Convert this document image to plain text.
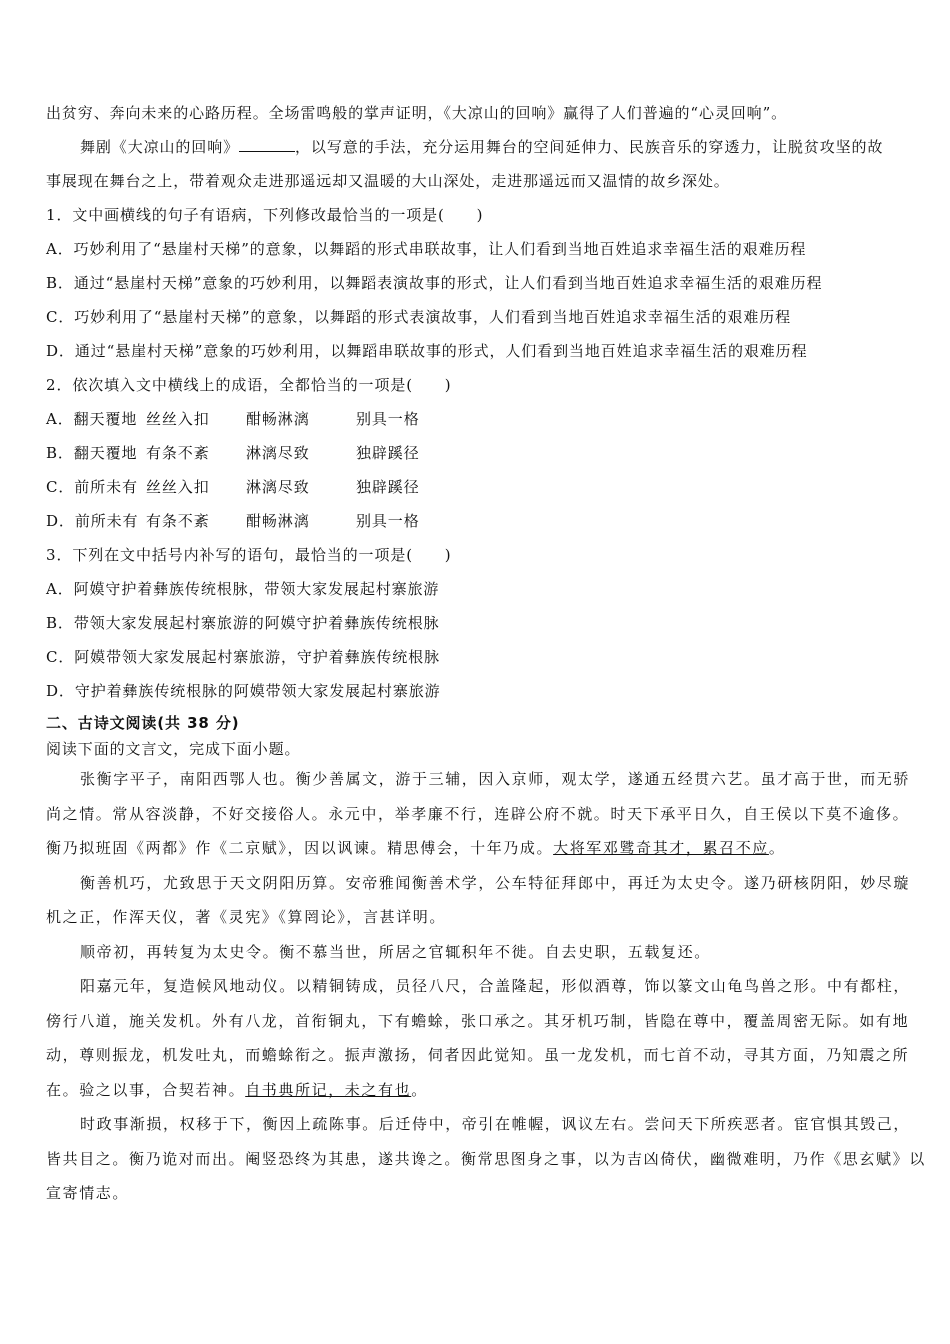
出贫穷、奔向未来的心路历程。全场雷鸣般的掌声证明，《大凉山的回响》赢得了人们普遍的“心灵回响”。
舞剧《大凉山的回响》	，以写意的手法，充分运用舞台的空间延伸力、民族音乐的穿透力，让脱贫攻坚的故
事展现在舞台之上，带着观众走进那遥远却又温暖的大山深处，走进那遥远而又温情的故乡深处。
1．文中画横线的句子有语病，下列修改最恰当的一项是(　　)
A．巧妙利用了“悬崖村天梯”的意象，以舞蹈的形式串联故事，让人们看到当地百姓追求幸福生活的艰难历程
B．通过“悬崖村天梯”意象的巧妙利用，以舞蹈表演故事的形式，让人们看到当地百姓追求幸福生活的艰难历程
C．巧妙利用了“悬崖村天梯”的意象，以舞蹈的形式表演故事，人们看到当地百姓追求幸福生活的艰难历程
D．通过“悬崖村天梯”意象的巧妙利用，以舞蹈串联故事的形式，人们看到当地百姓追求幸福生活的艰难历程
2．依次填入文中横线上的成语，全都恰当的一项是(　　)
A．翻天覆地 丝丝入扣	酣畅淋漓	别具一格
B．翻天覆地 有条不紊	淋漓尽致	独辟蹊径
C．前所未有 丝丝入扣	淋漓尽致	独辟蹊径
D．前所未有 有条不紊	酣畅淋漓	别具一格
3．下列在文中括号内补写的语句，最恰当的一项是(　　)
A．阿嫫守护着彝族传统根脉，带领大家发展起村寨旅游
B．带领大家发展起村寨旅游的阿嫫守护着彝族传统根脉
C．阿嫫带领大家发展起村寨旅游，守护着彝族传统根脉
D．守护着彝族传统根脉的阿嫫带领大家发展起村寨旅游
二、古诗文阅读(共 38 分)
阅读下面的文言文，完成下面小题。
张衡字平子，南阳西鄂人也。衡少善属文，游于三辅，因入京师，观太学，遂通五经贯六艺。虽才高于世，而无骄
尚之情。常从容淡静，不好交接俗人。永元中，举孝廉不行，连辟公府不就。时天下承平日久，自王侯以下莫不逾侈。
衡乃拟班固《两都》作《二京赋》，因以讽谏。精思傅会，十年乃成。大将军邓骘奇其才，累召不应。
衡善机巧，尤致思于天文阴阳历算。安帝雅闻衡善术学，公车特征拜郎中，再迁为太史令。遂乃研核阴阳，妙尽璇
机之正，作浑天仪，著《灵宪》《算罔论》，言甚详明。
顺帝初，再转复为太史令。衡不慕当世，所居之官辄积年不徙。自去史职，五载复还。
阳嘉元年，复造候风地动仪。以精铜铸成，员径八尺，合盖隆起，形似酒尊，饰以篆文山龟鸟兽之形。中有都柱，
傍行八道，施关发机。外有八龙，首衔铜丸，下有蟾蜍，张口承之。其牙机巧制，皆隐在尊中，覆盖周密无际。如有地
动，尊则振龙，机发吐丸，而蟾蜍衔之。振声激扬，伺者因此觉知。虽一龙发机，而七首不动，寻其方面，乃知震之所
在。验之以事，合契若神。自书典所记，未之有也。
时政事渐损，权移于下，衡因上疏陈事。后迁侍中，帝引在帷幄，讽议左右。尝问天下所疾恶者。宦官惧其毁己，
皆共目之。衡乃诡对而出。阉竖恐终为其患，遂共谗之。衡常思图身之事，以为吉凶倚伏，幽微难明，乃作《思玄赋》以
宣寄情志。
